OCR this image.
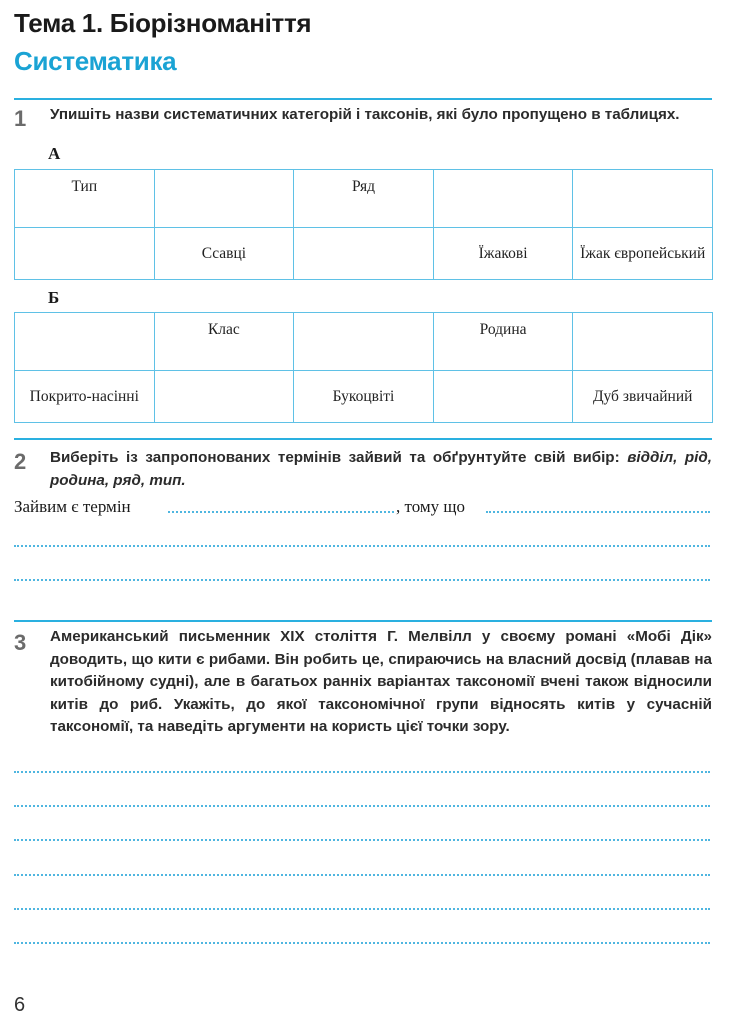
Тема 1. Біорізноманіття
Систематика
1 Упишіть назви систематичних категорій і таксонів, які було пропущено в таблицях.
А
Тип		Ряд		
	Ссавці		Їжакові	Їжак європейський
Б
	Клас		Родина	
Покрито-насінні		Букоцвіті		Дуб звичайний
2 Виберіть із запропонованих термінів зайвий та обґрунтуйте свій вибір: відділ, рід, родина, ряд, тип.
Зайвим є термін	, тому що
3 Американський письменник XIX століття Г. Мелвілл у своєму романі «Мобі Дік» доводить, що кити є рибами. Він робить це, спираючись на власний досвід (плавав на китобійному судні), але в багатьох ранніх варіантах таксономії вчені також відносили китів до риб. Укажіть, до якої таксономічної групи відносять китів у сучасній таксономії, та наведіть аргументи на користь цієї точки зору.
6
